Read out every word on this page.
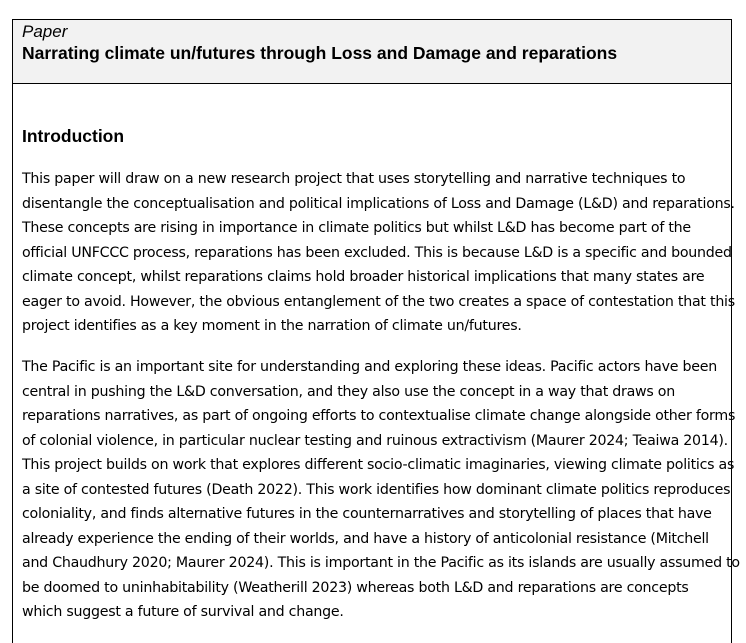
Paper
Narrating climate un/futures through Loss and Damage and reparations
Introduction

This paper will draw on a new research project that uses storytelling and narrative techniques to
disentangle the conceptualisation and political implications of Loss and Damage (L&D) and reparations.
These concepts are rising in importance in climate politics but whilst L&D has become part of the
official UNFCCC process, reparations has been excluded. This is because L&D is a specific and bounded
climate concept, whilst reparations claims hold broader historical implications that many states are
eager to avoid. However, the obvious entanglement of the two creates a space of contestation that this
project identifies as a key moment in the narration of climate un/futures.

The Pacific is an important site for understanding and exploring these ideas. Pacific actors have been
central in pushing the L&D conversation, and they also use the concept in a way that draws on
reparations narratives, as part of ongoing efforts to contextualise climate change alongside other forms
of colonial violence, in particular nuclear testing and ruinous extractivism (Maurer 2024; Teaiwa 2014).
This project builds on work that explores different socio-climatic imaginaries, viewing climate politics as
a site of contested futures (Death 2022). This work identifies how dominant climate politics reproduces
coloniality, and finds alternative futures in the counternarratives and storytelling of places that have
already experience the ending of their worlds, and have a history of anticolonial resistance (Mitchell
and Chaudhury 2020; Maurer 2024). This is important in the Pacific as its islands are usually assumed to
be doomed to uninhabitability (Weatherill 2023) whereas both L&D and reparations are concepts
which suggest a future of survival and change.
